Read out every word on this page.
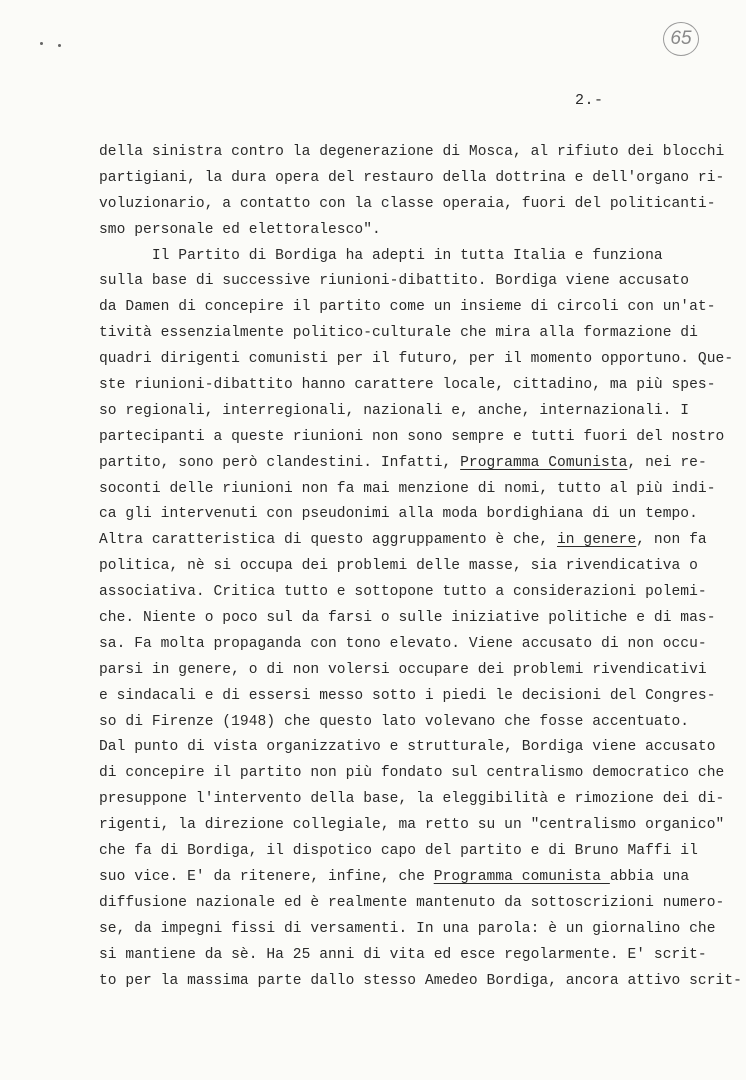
65
2.-
della sinistra contro la degenerazione di Mosca, al rifiuto dei blocchi
partigiani, la dura opera del restauro della dottrina e dell'organo ri-
voluzionario, a contatto con la classe operaia, fuori del politicanti-
smo personale ed elettoralesco".
Il Partito di Bordiga ha adepti in tutta Italia e funziona
sulla base di successive riunioni-dibattito. Bordiga viene accusato
da Damen di concepire il partito come un insieme di circoli con un'at-
tività essenzialmente politico-culturale che mira alla formazione di
quadri dirigenti comunisti per il futuro, per il momento opportuno. Que-
ste riunioni-dibattito hanno carattere locale, cittadino, ma più spes-
so regionali, interregionali, nazionali e, anche, internazionali. I
partecipanti a queste riunioni non sono sempre e tutti fuori del nostro
partito, sono però clandestini. Infatti, Programma Comunista, nei re-
soconti delle riunioni non fa mai menzione di nomi, tutto al più indi-
ca gli intervenuti con pseudonimi alla moda bordighiana di un tempo.
Altra caratteristica di questo aggruppamento è che, in genere, non fa
politica, nè si occupa dei problemi delle masse, sia rivendicativa o
associativa. Critica tutto e sottopone tutto a considerazioni polemi-
che. Niente o poco sul da farsi o sulle iniziative politiche e di mas-
sa. Fa molta propaganda con tono elevato. Viene accusato di non occu-
parsi in genere, o di non volersi occupare dei problemi rivendicativi
e sindacali e di essersi messo sotto i piedi le decisioni del Congres-
so di Firenze (1948) che questo lato volevano che fosse accentuato.
Dal punto di vista organizzativo e strutturale, Bordiga viene accusato
di concepire il partito non più fondato sul centralismo democratico che
presuppone l'intervento della base, la eleggibilità e rimozione dei di-
rigenti, la direzione collegiale, ma retto su un "centralismo organico"
che fa di Bordiga, il dispotico capo del partito e di Bruno Maffi il
suo vice. E' da ritenere, infine, che Programma comunista abbia una
diffusione nazionale ed è realmente mantenuto da sottoscrizioni numero-
se, da impegni fissi di versamenti. In una parola: è un giornalino che
si mantiene da sè. Ha 25 anni di vita ed esce regolarmente. E' scrit-
to per la massima parte dallo stesso Amedeo Bordiga, ancora attivo scrit-
